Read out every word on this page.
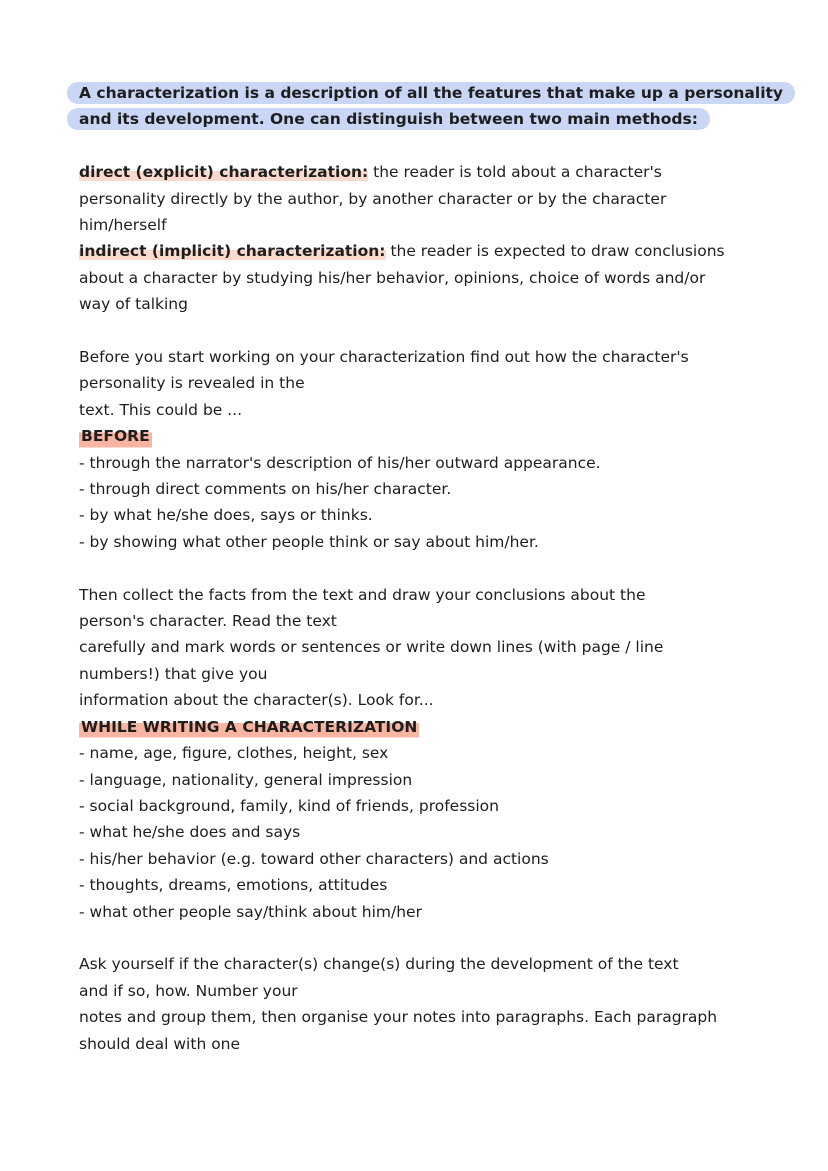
A characterization is a description of all the features that make up a personality
and its development. One can distinguish between two main methods:
direct (explicit) characterization: the reader is told about a character's
personality directly by the author, by another character or by the character
him/herself
indirect (implicit) characterization: the reader is expected to draw conclusions
about a character by studying his/her behavior, opinions, choice of words and/or
way of talking
Before you start working on your characterization find out how the character's
personality is revealed in the
text. This could be ...
BEFORE
- through the narrator's description of his/her outward appearance.
- through direct comments on his/her character.
- by what he/she does, says or thinks.
- by showing what other people think or say about him/her.
Then collect the facts from the text and draw your conclusions about the
person's character. Read the text
carefully and mark words or sentences or write down lines (with page / line
numbers!) that give you
information about the character(s). Look for...
WHILE WRITING A CHARACTERIZATION
- name, age, figure, clothes, height, sex
- language, nationality, general impression
- social background, family, kind of friends, profession
- what he/she does and says
- his/her behavior (e.g. toward other characters) and actions
- thoughts, dreams, emotions, attitudes
- what other people say/think about him/her
Ask yourself if the character(s) change(s) during the development of the text
and if so, how. Number your
notes and group them, then organise your notes into paragraphs. Each paragraph
should deal with one
